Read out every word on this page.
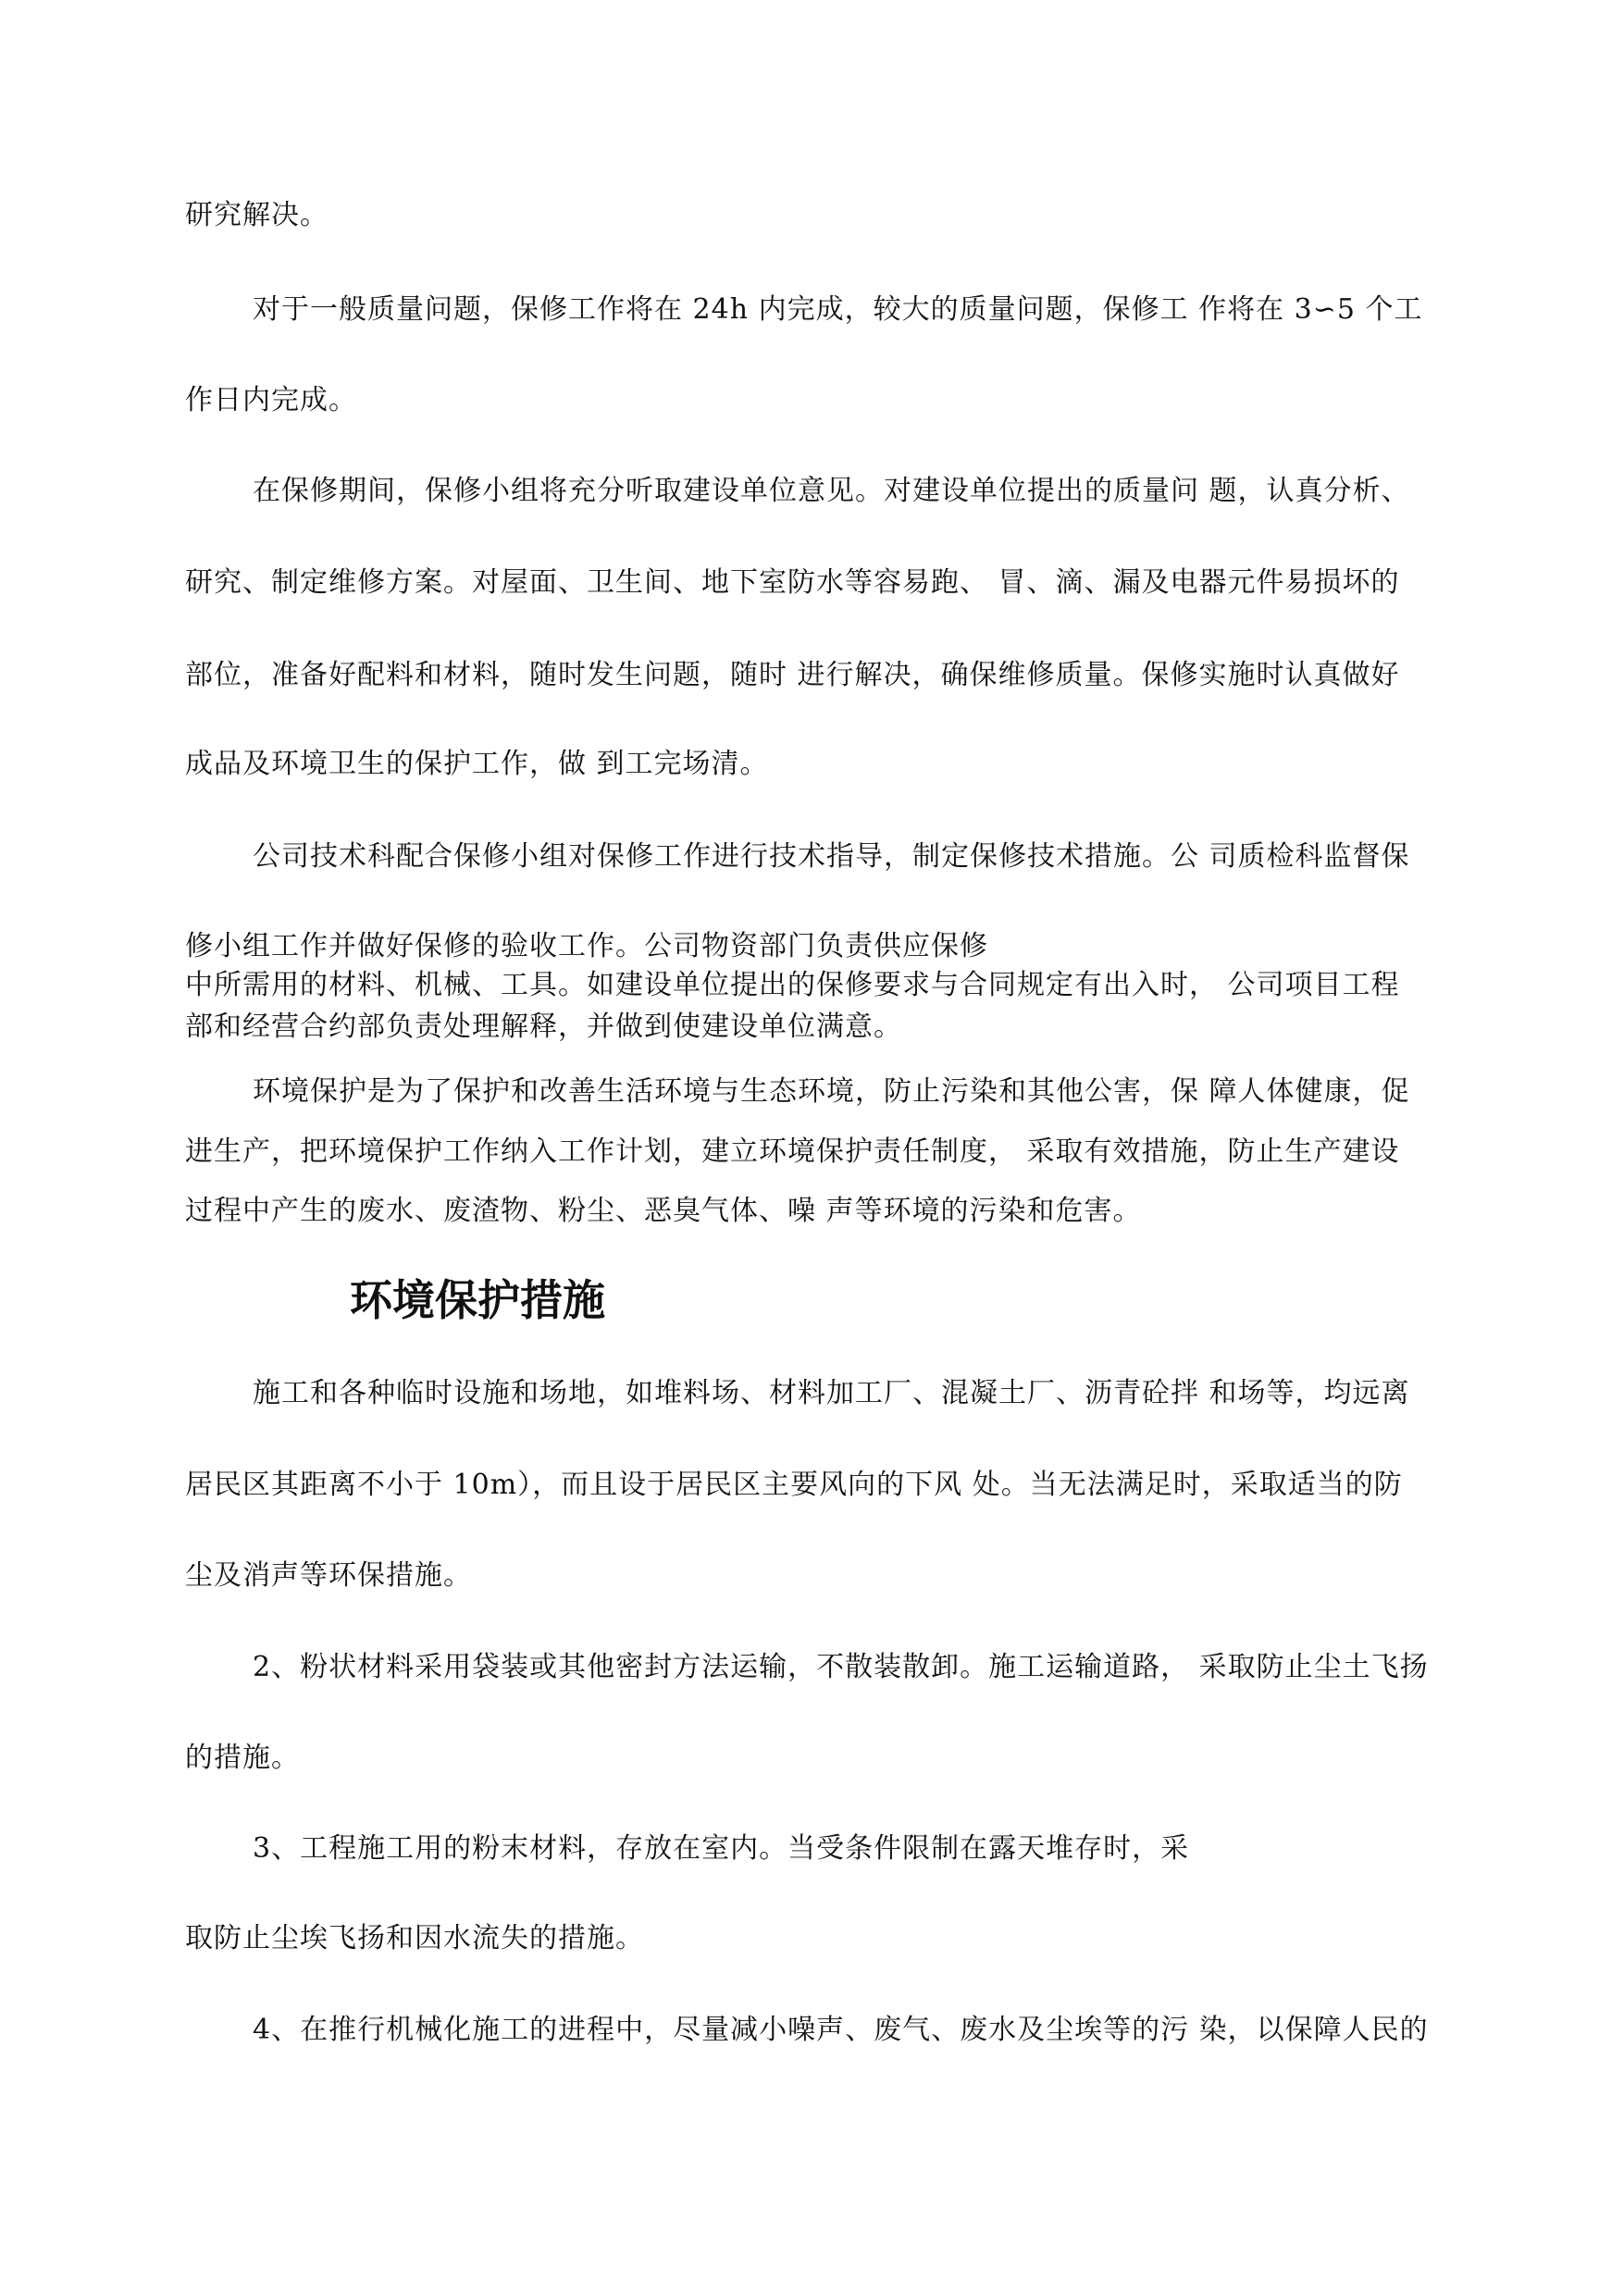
研究解决。

对于一般质量问题，保修工作将在 24h 内完成，较大的质量问题，保修工 作将在 3∽5 个工

作日内完成。

在保修期间，保修小组将充分听取建设单位意见。对建设单位提出的质量问 题，认真分析、

研究、制定维修方案。对屋面、卫生间、地下室防水等容易跑、 冒、滴、漏及电器元件易损坏的

部位，准备好配料和材料，随时发生问题，随时 进行解决，确保维修质量。保修实施时认真做好

成品及环境卫生的保护工作，做 到工完场清。

公司技术科配合保修小组对保修工作进行技术指导，制定保修技术措施。公 司质检科监督保

修小组工作并做好保修的验收工作。公司物资部门负责供应保修

中所需用的材料、机械、工具。如建设单位提出的保修要求与合同规定有出入时， 公司项目工程

部和经营合约部负责处理解释，并做到使建设单位满意。

环境保护是为了保护和改善生活环境与生态环境，防止污染和其他公害，保 障人体健康，促

进生产，把环境保护工作纳入工作计划，建立环境保护责任制度， 采取有效措施，防止生产建设

过程中产生的废水、废渣物、粉尘、恶臭气体、噪 声等环境的污染和危害。

环境保护措施

施工和各种临时设施和场地，如堆料场、材料加工厂、混凝土厂、沥青砼拌 和场等，均远离

居民区其距离不小于 10m），而且设于居民区主要风向的下风 处。当无法满足时，采取适当的防

尘及消声等环保措施。

2、粉状材料采用袋装或其他密封方法运输，不散装散卸。施工运输道路， 采取防止尘土飞扬

的措施。

3、工程施工用的粉末材料，存放在室内。当受条件限制在露天堆存时，采

取防止尘埃飞扬和因水流失的措施。

4、在推行机械化施工的进程中，尽量减小噪声、废气、废水及尘埃等的污 染，以保障人民的
